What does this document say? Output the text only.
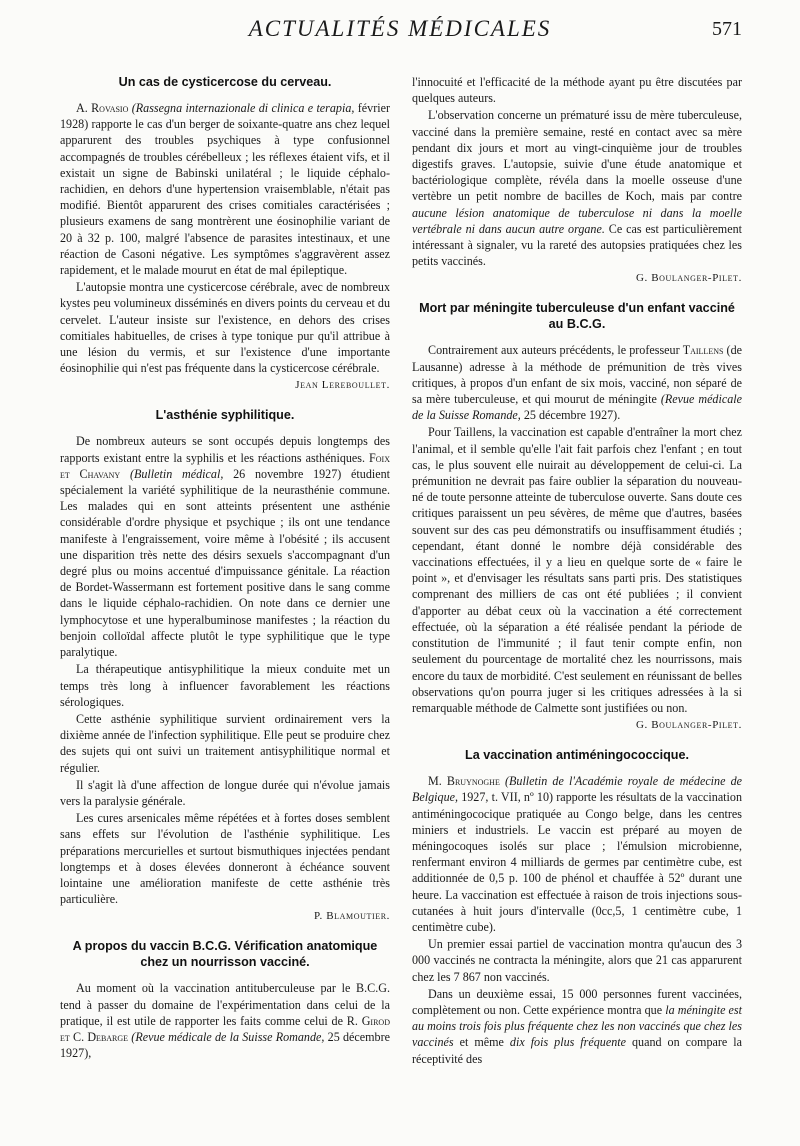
ACTUALITÉS MÉDICALES	571
Un cas de cysticercose du cerveau.

A. Rovasio (Rassegna internazionale di clinica e terapia, février 1928) rapporte le cas d'un berger de soixante-quatre ans chez lequel apparurent des troubles psychiques à type confusionnel accompagnés de troubles cérébelleux ; les réflexes étaient vifs, et il existait un signe de Babinski unilatéral ; le liquide céphalo-rachidien, en dehors d'une hypertension vraisemblable, n'était pas modifié. Bientôt apparurent des crises comitiales caractérisées ; plusieurs examens de sang montrèrent une éosinophilie variant de 20 à 32 p. 100, malgré l'absence de parasites intestinaux, et une réaction de Casoni négative. Les symptômes s'aggravèrent assez rapidement, et le malade mourut en état de mal épileptique.

L'autopsie montra une cysticercose cérébrale, avec de nombreux kystes peu volumineux disséminés en divers points du cerveau et du cervelet. L'auteur insiste sur l'existence, en dehors des crises comitiales habituelles, de crises à type tonique pur qu'il attribue à une lésion du vermis, et sur l'existence d'une importante éosinophilie qui n'est pas fréquente dans la cysticercose cérébrale.

Jean Lereboullet.
L'asthénie syphilitique.

De nombreux auteurs se sont occupés depuis longtemps des rapports existant entre la syphilis et les réactions asthéniques. Foix et Chavany (Bulletin médical, 26 novembre 1927) étudient spécialement la variété syphilitique de la neurasthénie commune. Les malades qui en sont atteints présentent une asthénie considérable d'ordre physique et psychique ; ils ont une tendance manifeste à l'engraissement, voire même à l'obésité ; ils accusent une disparition très nette des désirs sexuels s'accompagnant d'un degré plus ou moins accentué d'impuissance génitale. La réaction de Bordet-Wassermann est fortement positive dans le sang comme dans le liquide céphalo-rachidien. On note dans ce dernier une lymphocytose et une hyperalbuminose manifestes ; la réaction du benjoin colloïdal affecte plutôt le type syphilitique que le type paralytique.

La thérapeutique antisyphilitique la mieux conduite met un temps très long à influencer favorablement les réactions sérologiques.

Cette asthénie syphilitique survient ordinairement vers la dixième année de l'infection syphilitique. Elle peut se produire chez des sujets qui ont suivi un traitement antisyphilitique normal et régulier.

Il s'agit là d'une affection de longue durée qui n'évolue jamais vers la paralysie générale.

Les cures arsenicales même répétées et à fortes doses semblent sans effets sur l'évolution de l'asthénie syphilitique. Les préparations mercurielles et surtout bismuthiques injectées pendant longtemps et à doses élevées donneront à échéance souvent lointaine une amélioration manifeste de cette asthénie très particulière.

P. Blamoutier.
A propos du vaccin B.C.G. Vérification anatomique chez un nourrisson vacciné.

Au moment où la vaccination antituberculeuse par le B.C.G. tend à passer du domaine de l'expérimentation dans celui de la pratique, il est utile de rapporter les faits comme celui de R. Girod et C. Debarge (Revue médicale de la Suisse Romande, 25 décembre 1927),

l'innocuité et l'efficacité de la méthode ayant pu être discutées par quelques auteurs.

L'observation concerne un prématuré issu de mère tuberculeuse, vacciné dans la première semaine, resté en contact avec sa mère pendant dix jours et mort au vingt-cinquième jour de troubles digestifs graves. L'autopsie, suivie d'une étude anatomique et bactériologique complète, révéla dans la moelle osseuse d'une vertèbre un petit nombre de bacilles de Koch, mais par contre aucune lésion anatomique de tuberculose ni dans la moelle vertébrale ni dans aucun autre organe. Ce cas est particulièrement intéressant à signaler, vu la rareté des autopsies pratiquées chez les petits vaccinés.

G. Boulanger-Pilet.
Mort par méningite tuberculeuse d'un enfant vacciné au B.C.G.

Contrairement aux auteurs précédents, le professeur Taillens (de Lausanne) adresse à la méthode de prémunition de très vives critiques, à propos d'un enfant de six mois, vacciné, non séparé de sa mère tuberculeuse, et qui mourut de méningite (Revue médicale de la Suisse Romande, 25 décembre 1927).

Pour Taillens, la vaccination est capable d'entraîner la mort chez l'animal, et il semble qu'elle l'ait fait parfois chez l'enfant ; en tout cas, le plus souvent elle nuirait au développement de celui-ci. La prémunition ne devrait pas faire oublier la séparation du nouveau-né de toute personne atteinte de tuberculose ouverte. Sans doute ces critiques paraissent un peu sévères, de même que d'autres, basées souvent sur des cas peu démonstratifs ou insuffisamment étudiés ; cependant, étant donné le nombre déjà considérable des vaccinations effectuées, il y a lieu en quelque sorte de « faire le point », et d'envisager les résultats sans parti pris. Des statistiques comprenant des milliers de cas ont été publiées ; il convient d'apporter au débat ceux où la vaccination a été correctement effectuée, où la séparation a été réalisée pendant la période de constitution de l'immunité ; il faut tenir compte enfin, non seulement du pourcentage de mortalité chez les nourrissons, mais encore du taux de morbidité. C'est seulement en réunissant de belles observations qu'on pourra juger si les critiques adressées à la si remarquable méthode de Calmette sont justifiées ou non.

G. Boulanger-Pilet.
La vaccination antiméningococcique.

M. Bruynoghe (Bulletin de l'Académie royale de médecine de Belgique, 1927, t. VII, nº 10) rapporte les résultats de la vaccination antiméningococique pratiquée au Congo belge, dans les centres miniers et industriels. Le vaccin est préparé au moyen de méningocoques isolés sur place ; l'émulsion microbienne, renfermant environ 4 milliards de germes par centimètre cube, est additionnée de 0,5 p. 100 de phénol et chauffée à 52º durant une heure. La vaccination est effectuée à raison de trois injections sous-cutanées à huit jours d'intervalle (0cc,5, 1 centimètre cube, 1 centimètre cube).

Un premier essai partiel de vaccination montra qu'aucun des 3 000 vaccinés ne contracta la méningite, alors que 21 cas apparurent chez les 7 867 non vaccinés.

Dans un deuxième essai, 15 000 personnes furent vaccinées, complètement ou non. Cette expérience montra que la méningite est au moins trois fois plus fréquente chez les non vaccinés que chez les vaccinés et même dix fois plus fréquente quand on compare la réceptivité des
